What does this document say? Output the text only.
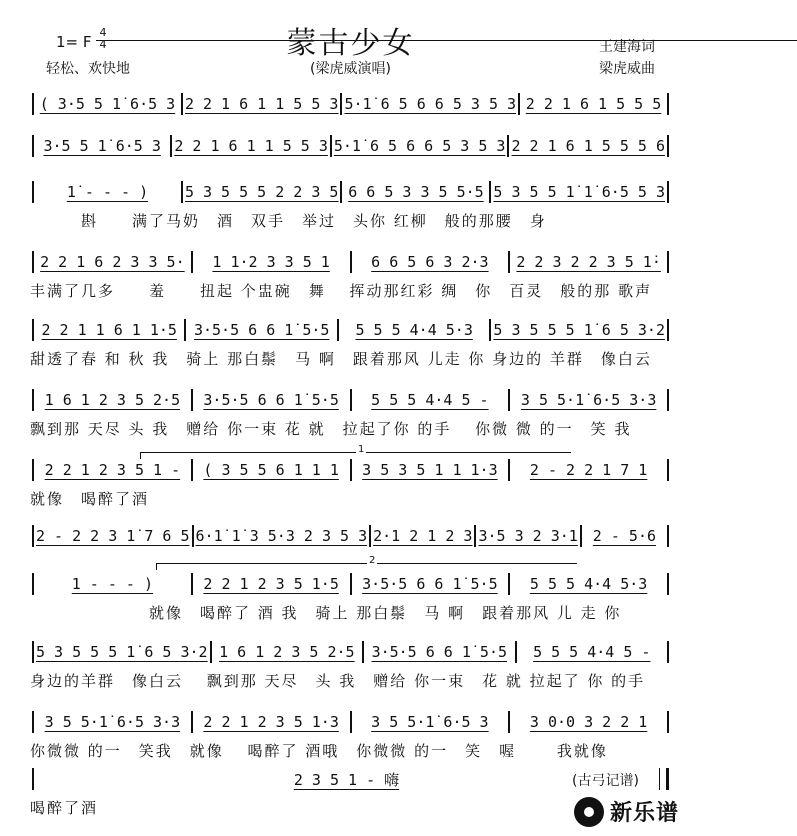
蒙古少女
(梁虎威演唱)
1= F
4
4
轻松、欢快地
王建海词
梁虎威曲
( 3·5 5 1̇ 6·5 3 2 2 1 6 1 1 5 5 3 5·1̇ 6 5 6 6 5 3 5 3 2 2 1 6 1 5 5 5
3·5 5 1̇ 6·5 3 2 2 1 6 1 1 5 5 3 5·1̇ 6 5 6 6 5 3 5 3 2 2 1 6 1 5 5 5 6
1̇ - - - )	5 3 5 5 5 2 2 3 5 6 6 5 3 3 5 5·5 5 3 5 5 1̇ 1̇ 6·5 5 3
　　　斟　　满了马奶　酒　双手　举过　头你 红柳　般的那腰　身
2 2 1 6 2 3 3 5·	1 1·2 3 3 5 1	6 6 5 6 3 2·3	2 2 3 2 2 3 5 1̇·
丰满了几多　　羞　　扭起 个盅碗　舞　 挥动那红彩 绸　你　百灵　般的那 歌声
2 2 1 1 6 1 1·5	3·5·5 6 6 1̇ 5·5	5 5 5 4·4 5·3	5 3 5 5 5 1̇ 6 5 3·2
甜透了春 和 秋 我　骑上 那白鬃　马 啊　跟着那风 儿走 你 身边的 羊群　像白云
1 6 1 2 3 5 2·5	3·5·5 6 6 1̇ 5·5	5 5 5 4·4 5 -	3 5 5·1̇ 6·5 3·3
飘到那 天尽 头 我　赠给 你一束 花 就　拉起了你 的手　 你微 微 的一　笑 我
2 2 1 2 3 5 1 -	( 3 5 5 6 1 1 1	3 5 3 5 1 1 1·3	2 - 2 2 1 7 1
就像　喝醉了酒
2 - 2 2 3 1̇ 7 6 5 6·1̇ 1̇ 3 5·3 2 3 5 3 2·1 2 1 2 3 3·5 3 2 3·1 2 - 5·6
1 - - - )	2 2 1 2 3 5 1·5	3·5·5 6 6 1̇ 5·5	5 5 5 4·4 5·3
　　　　　　　就像　喝醉了 酒 我　骑上 那白鬃　马 啊　跟着那风 儿 走 你
5 3 5 5 5 1̇ 6 5 3·2 1 6 1 2 3 5 2·5	3·5·5 6 6 1̇ 5·5	5 5 5 4·4 5 -
身边的羊群　像白云　 飘到那 天尽　头 我　赠给 你一束　花 就 拉起了 你 的手
3 5 5·1̇ 6·5 3·3	2 2 1 2 3 5 1·3	3 5 5·1̇ 6·5 3	3 0·0 3 2 2 1
你微微 的一　笑我　就像　 喝醉了 酒哦　你微微 的一　笑　喔　　 我就像
2 3 5 1 - 嗨
喝醉了酒
1
2
(古弓记谱)
新乐谱
